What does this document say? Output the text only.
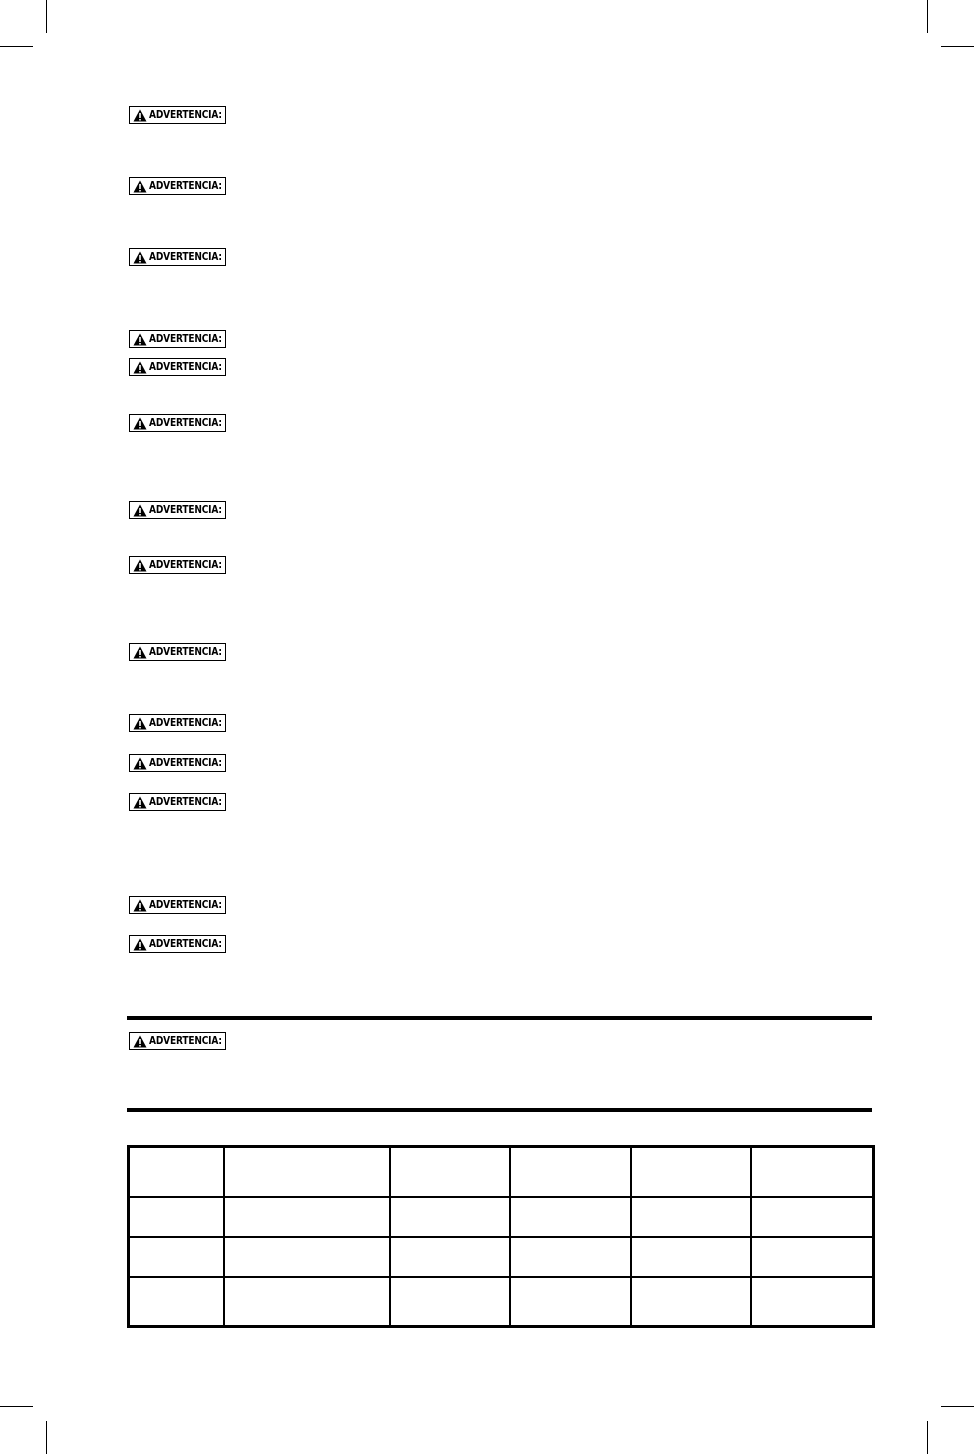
ADVERTENCIA:
ADVERTENCIA:
ADVERTENCIA:
ADVERTENCIA:
ADVERTENCIA:
ADVERTENCIA:
ADVERTENCIA:
ADVERTENCIA:
ADVERTENCIA:
ADVERTENCIA:
ADVERTENCIA:
ADVERTENCIA:
ADVERTENCIA:
ADVERTENCIA:
ADVERTENCIA:
